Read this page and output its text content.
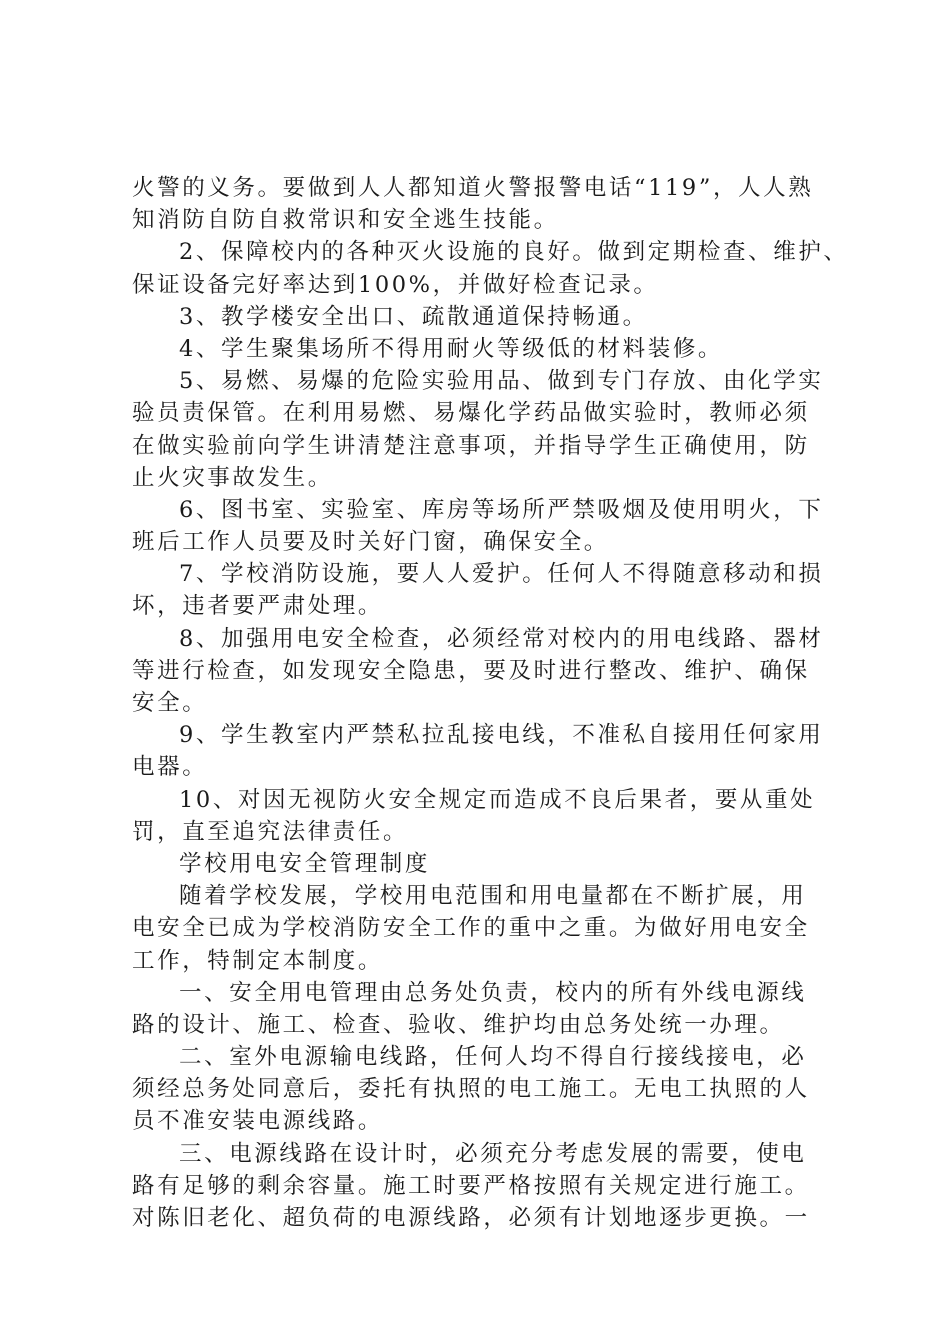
火警的义务。要做到人人都知道火警报警电话“119”，人人熟
知消防自防自救常识和安全逃生技能。
2、保障校内的各种灭火设施的良好。做到定期检查、维护、
保证设备完好率达到100%，并做好检查记录。
3、教学楼安全出口、疏散通道保持畅通。
4、学生聚集场所不得用耐火等级低的材料装修。
5、易燃、易爆的危险实验用品、做到专门存放、由化学实
验员责保管。在利用易燃、易爆化学药品做实验时，教师必须
在做实验前向学生讲清楚注意事项，并指导学生正确使用，防
止火灾事故发生。
6、图书室、实验室、库房等场所严禁吸烟及使用明火，下
班后工作人员要及时关好门窗，确保安全。
7、学校消防设施，要人人爱护。任何人不得随意移动和损
坏，违者要严肃处理。
8、加强用电安全检查，必须经常对校内的用电线路、器材
等进行检查，如发现安全隐患，要及时进行整改、维护、确保
安全。
9、学生教室内严禁私拉乱接电线，不准私自接用任何家用
电器。
10、对因无视防火安全规定而造成不良后果者，要从重处
罚，直至追究法律责任。
学校用电安全管理制度
随着学校发展，学校用电范围和用电量都在不断扩展，用
电安全已成为学校消防安全工作的重中之重。为做好用电安全
工作，特制定本制度。
一、安全用电管理由总务处负责，校内的所有外线电源线
路的设计、施工、检查、验收、维护均由总务处统一办理。
二、室外电源输电线路，任何人均不得自行接线接电，必
须经总务处同意后，委托有执照的电工施工。无电工执照的人
员不准安装电源线路。
三、电源线路在设计时，必须充分考虑发展的需要，使电
路有足够的剩余容量。施工时要严格按照有关规定进行施工。
对陈旧老化、超负荷的电源线路，必须有计划地逐步更换。一
